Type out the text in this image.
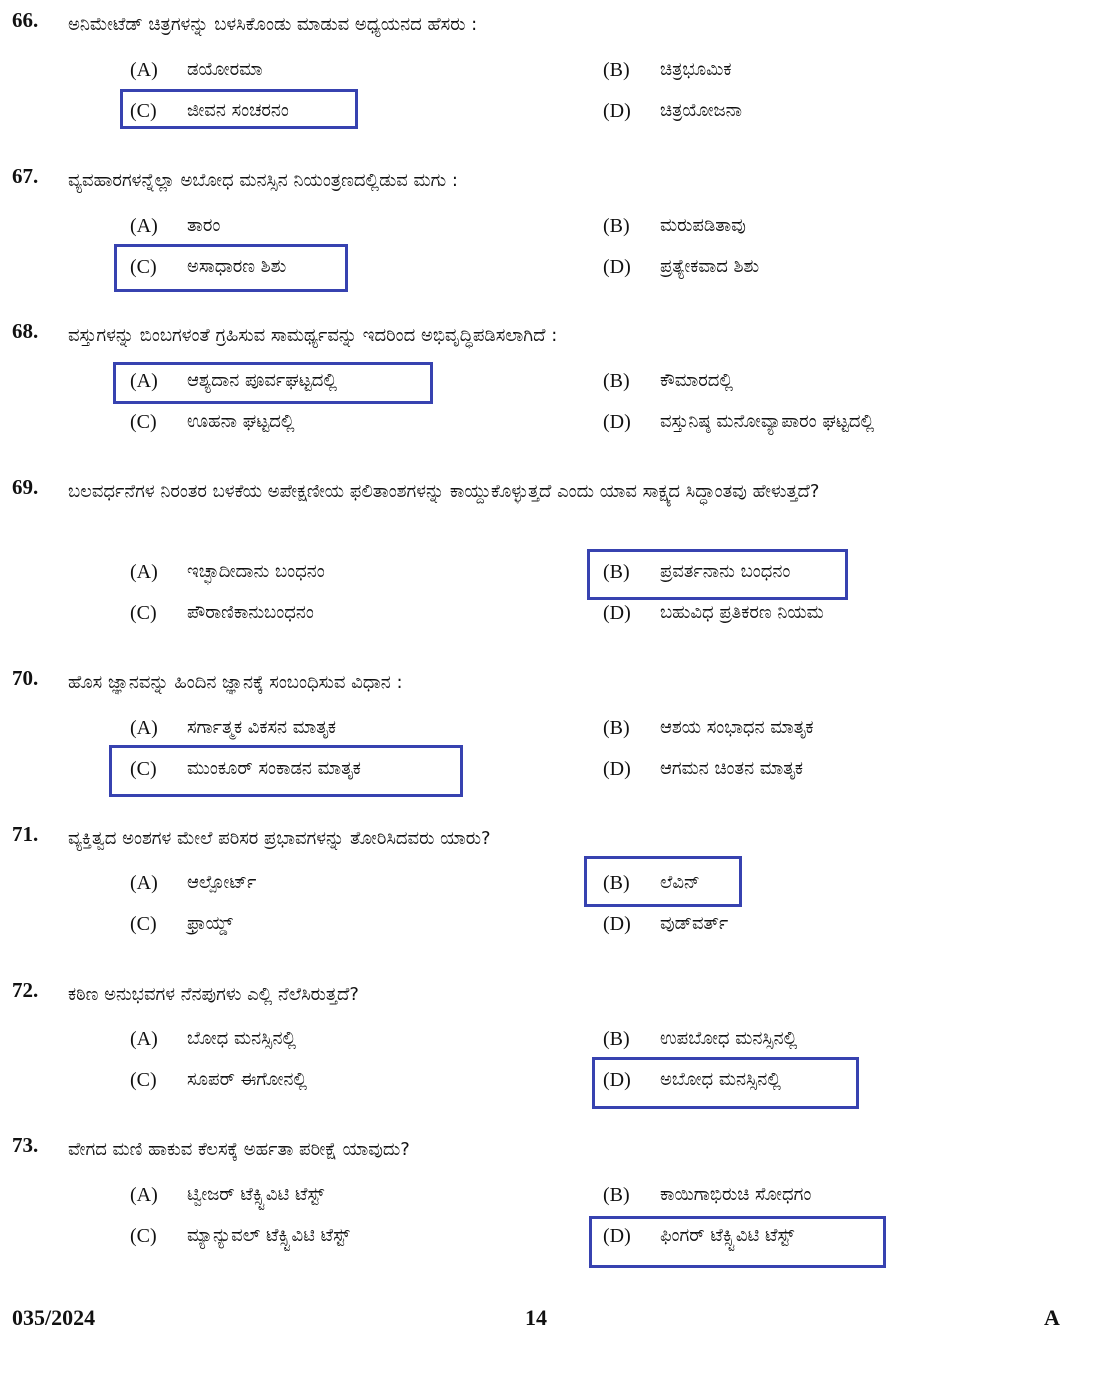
66. ಅನಿಮೇಟೆಡ್ ಚಿತ್ರಗಳನ್ನು ಬಳಸಿಕೊಂಡು ಮಾಡುವ ಅಧ್ಯಯನದ ಹೆಸರು :
(A) ಡಯೋರಮಾ	(B) ಚಿತ್ರಭೂಮಿಕ
(C) ಜೀವನ ಸಂಚರನಂ	(D) ಚಿತ್ರಯೋಜನಾ
67. ವ್ಯವಹಾರಗಳನ್ನೆಲ್ಲಾ ಅಬೋಧ ಮನಸ್ಸಿನ ನಿಯಂತ್ರಣದಲ್ಲಿಡುವ ಮಗು :
(A) ತಾರಂ	(B) ಮರುಪಡಿತಾವು
(C) ಅಸಾಧಾರಣ ಶಿಶು	(D) ಪ್ರತ್ಯೇಕವಾದ ಶಿಶು
68. ವಸ್ತುಗಳನ್ನು ಬಿಂಬಗಳಂತೆ ಗ್ರಹಿಸುವ ಸಾಮರ್ಥ್ಯವನ್ನು ಇದರಿಂದ ಅಭಿವೃದ್ಧಿಪಡಿಸಲಾಗಿದೆ :
(A) ಆಶ್ಯದಾನ ಪೂರ್ವಘಟ್ಟದಲ್ಲಿ	(B) ಕೌಮಾರದಲ್ಲಿ
(C) ಊಹನಾ ಘಟ್ಟದಲ್ಲಿ	(D) ವಸ್ತುನಿಷ್ಠ ಮನೋವ್ಯಾಪಾರಂ ಘಟ್ಟದಲ್ಲಿ
69. ಬಲವರ್ಧನೆಗಳ ನಿರಂತರ ಬಳಕೆಯ ಅಪೇಕ್ಷಣೀಯ ಫಲಿತಾಂಶಗಳನ್ನು ಕಾಯ್ದುಕೊಳ್ಳುತ್ತದೆ ಎಂದು ಯಾವ ಸಾಕ್ಷ್ಯದ ಸಿದ್ಧಾಂತವು ಹೇಳುತ್ತದೆ?
(A) ಇಚ್ಛಾದೀದಾನು ಬಂಧನಂ	(B) ಪ್ರವರ್ತನಾನು ಬಂಧನಂ
(C) ಪೌರಾಣಿಕಾನುಬಂಧನಂ	(D) ಬಹುವಿಧ ಪ್ರತಿಕರಣ ನಿಯಮ
70. ಹೊಸ ಜ್ಞಾನವನ್ನು ಹಿಂದಿನ ಜ್ಞಾನಕ್ಕೆ ಸಂಬಂಧಿಸುವ ವಿಧಾನ :
(A) ಸರ್ಗಾತ್ಮಕ ವಿಕಸನ ಮಾತೃಕ	(B) ಆಶಯ ಸಂಭಾಧನ ಮಾತೃಕ
(C) ಮುಂಕೂರ್ ಸಂಕಾಡನ ಮಾತೃಕ	(D) ಆಗಮನ ಚಿಂತನ ಮಾತೃಕ
71. ವ್ಯಕ್ತಿತ್ವದ ಅಂಶಗಳ ಮೇಲೆ ಪರಿಸರ ಪ್ರಭಾವಗಳನ್ನು ತೋರಿಸಿದವರು ಯಾರು?
(A) ಆಲ್ಪೋರ್ಟ್	(B) ಲೆವಿನ್
(C) ಫ್ರಾಯ್ಡ್	(D) ವುಡ್‌ವರ್ತ್
72. ಕಠಿಣ ಅನುಭವಗಳ ನೆನಪುಗಳು ಎಲ್ಲಿ ನೆಲೆಸಿರುತ್ತದೆ?
(A) ಬೋಧ ಮನಸ್ಸಿನಲ್ಲಿ	(B) ಉಪಬೋಧ ಮನಸ್ಸಿನಲ್ಲಿ
(C) ಸೂಪರ್ ಈಗೋನಲ್ಲಿ	(D) ಅಬೋಧ ಮನಸ್ಸಿನಲ್ಲಿ
73. ವೇಗದ ಮಣಿ ಹಾಕುವ ಕೆಲಸಕ್ಕೆ ಅರ್ಹತಾ ಪರೀಕ್ಷೆ ಯಾವುದು?
(A) ಟ್ವೀಜರ್ ಟೆಕ್ಸ್ಟಿವಿಟಿ ಟೆಸ್ಟ್	(B) ಕಾಯಿಗಾಭಿರುಚಿ ಸೋಧಗಂ
(C) ಮ್ಯಾನ್ಯುವಲ್ ಟೆಕ್ಸ್ಟಿವಿಟಿ ಟೆಸ್ಟ್	(D) ಫಿಂಗರ್ ಟೆಕ್ಸ್ಟಿವಿಟಿ ಟೆಸ್ಟ್
035/2024	14	A
